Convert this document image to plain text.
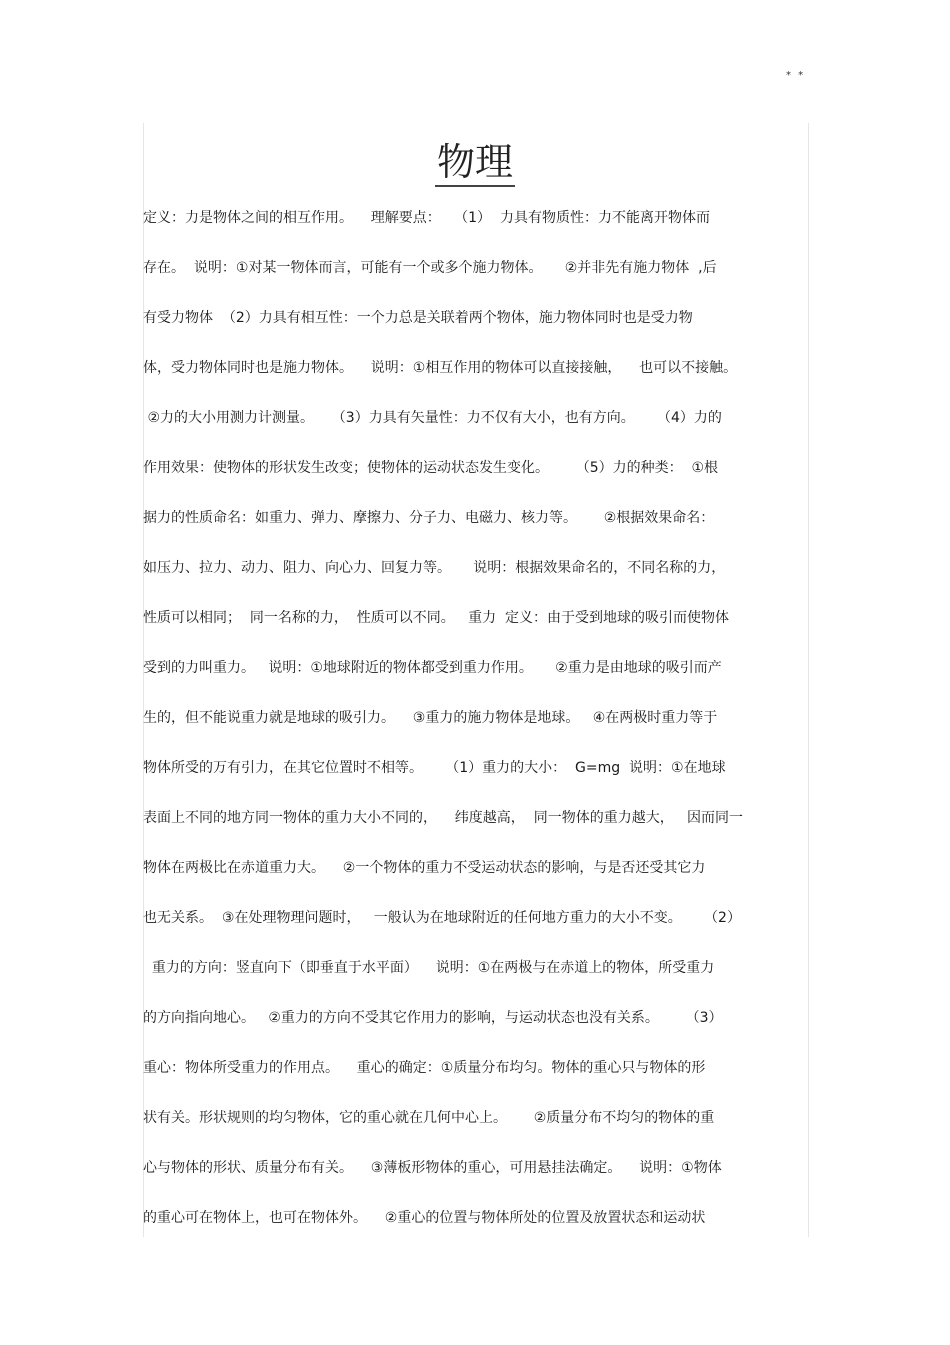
* *
物理
定义：力是物体之间的相互作用。    理解要点：   （1）  力具有物质性：力不能离开物体而
存在。  说明：①对某一物体而言，可能有一个或多个施力物体。     ②并非先有施力物体  ,后
有受力物体  （2）力具有相互性：一个力总是关联着两个物体，施力物体同时也是受力物
体，受力物体同时也是施力物体。    说明：①相互作用的物体可以直接接触，    也可以不接触。
②力的大小用测力计测量。    （3）力具有矢量性：力不仅有大小，也有方向。     （4）力的
作用效果：使物体的形状发生改变；使物体的运动状态发生变化。      （5）力的种类：  ①根
据力的性质命名：如重力、弹力、摩擦力、分子力、电磁力、核力等。      ②根据效果命名：
如压力、拉力、动力、阻力、向心力、回复力等。     说明：根据效果命名的，不同名称的力，
性质可以相同；  同一名称的力，  性质可以不同。   重力  定义：由于受到地球的吸引而使物体
受到的力叫重力。   说明：①地球附近的物体都受到重力作用。     ②重力是由地球的吸引而产
生的，但不能说重力就是地球的吸引力。    ③重力的施力物体是地球。   ④在两极时重力等于
物体所受的万有引力，在其它位置时不相等。     （1）重力的大小：  G=mg  说明：①在地球
表面上不同的地方同一物体的重力大小不同的，    纬度越高，  同一物体的重力越大，   因而同一
物体在两极比在赤道重力大。    ②一个物体的重力不受运动状态的影响，与是否还受其它力
也无关系。  ③在处理物理问题时，   一般认为在地球附近的任何地方重力的大小不变。     （2）
重力的方向：竖直向下（即垂直于水平面）    说明：①在两极与在赤道上的物体，所受重力
的方向指向地心。   ②重力的方向不受其它作用力的影响，与运动状态也没有关系。      （3）
重心：物体所受重力的作用点。    重心的确定：①质量分布均匀。物体的重心只与物体的形
状有关。形状规则的均匀物体，它的重心就在几何中心上。      ②质量分布不均匀的物体的重
心与物体的形状、质量分布有关。    ③薄板形物体的重心，可用悬挂法确定。    说明：①物体
的重心可在物体上，也可在物体外。    ②重心的位置与物体所处的位置及放置状态和运动状
